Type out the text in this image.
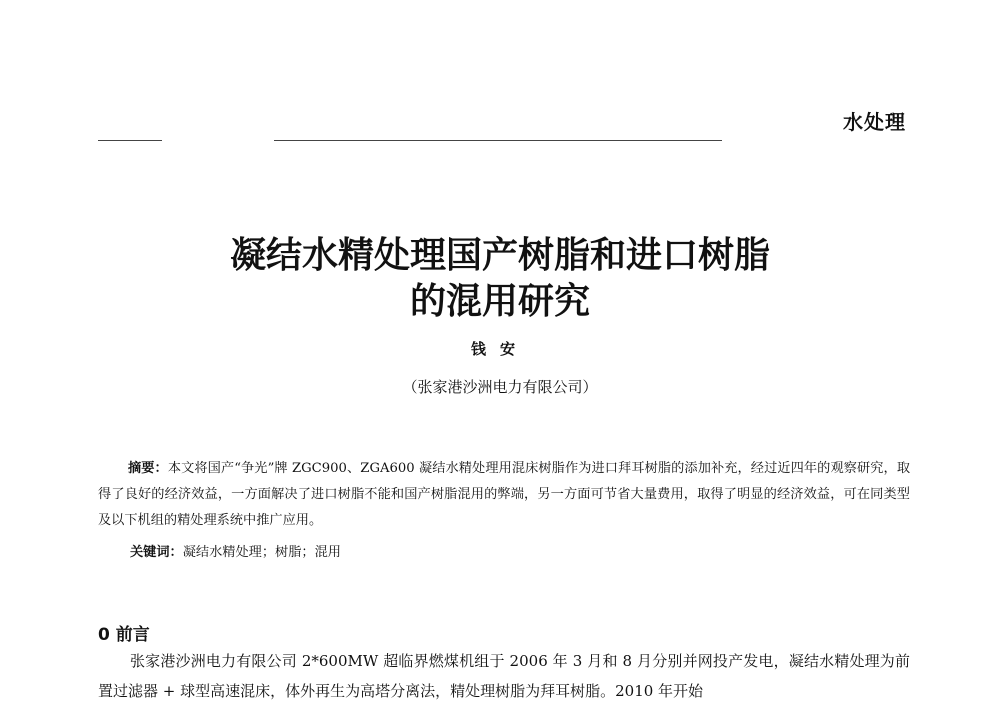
水处理
凝结水精处理国产树脂和进口树脂
的混用研究
钱安
（张家港沙洲电力有限公司）
摘要：本文将国产“争光”牌 ZGC900、ZGA600 凝结水精处理用混床树脂作为进口拜耳树脂的添加补充，经过近四年的观察研究，取得了良好的经济效益，一方面解决了进口树脂不能和国产树脂混用的弊端，另一方面可节省大量费用，取得了明显的经济效益，可在同类型及以下机组的精处理系统中推广应用。
关键词：凝结水精处理；树脂；混用
0 前言
张家港沙洲电力有限公司 2*600MW 超临界燃煤机组于 2006 年 3 月和 8 月分别并网投产发电，凝结水精处理为前置过滤器 + 球型高速混床，体外再生为高塔分离法，精处理树脂为拜耳树脂。2010 年开始
